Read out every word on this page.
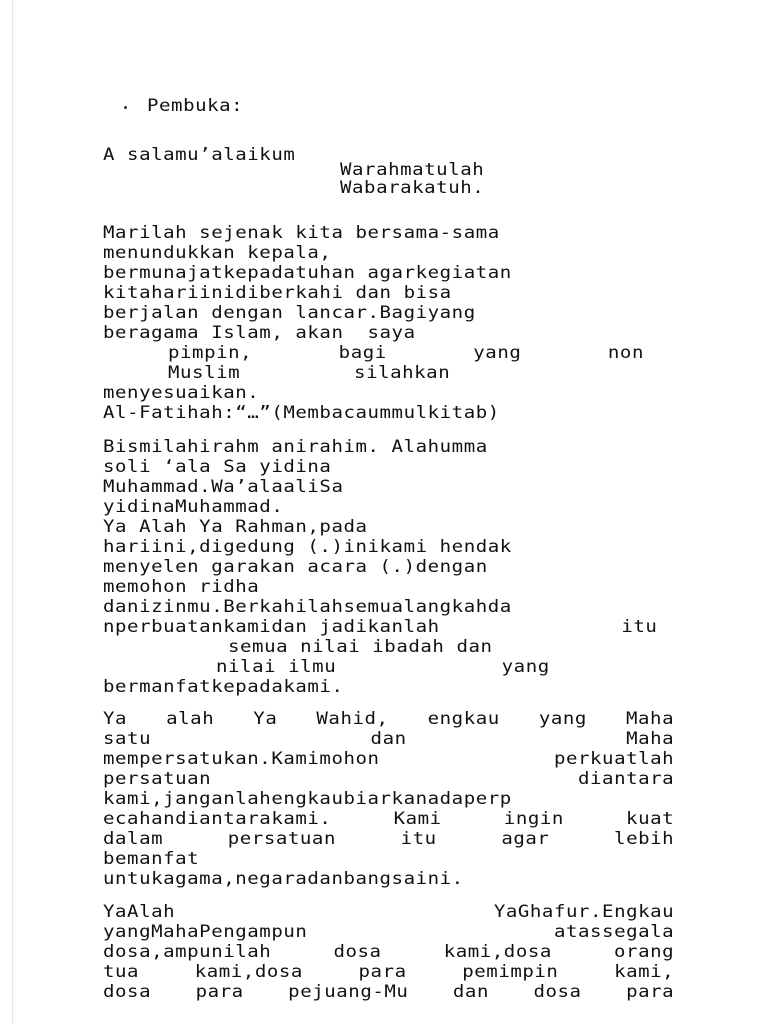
Pembuka:
A salamu’alaikum
Warahmatulah
Wabarakatuh.
Marilah sejenak kita bersama-sama
menundukkan kepala,
bermunajatkepadatuhan agarkegiatan
kitahariinidiberkahi dan bisa
berjalan dengan lancar.Bagiyang
beragama Islam, akan  saya
pimpin,	bagi	yang	non
Muslim	silahkan
menyesuaikan.
Al-Fatihah:“…”(Membacaummulkitab)
Bismilahirahm anirahim. Alahumma
soli ‘ala Sa yidina
Muhammad.Wa’alaaliSa
yidinaMuhammad.
Ya Alah Ya Rahman,pada
hariini,digedung (.)inikami hendak
menyelen garakan acara (.)dengan
memohon ridha
danizinmu.Berkahilahsemualangkahda
nperbuatankamidan jadikanlah	itu
semua nilai ibadah dan
nilai ilmu	yang
bermanfatkepadakami.
Ya alah Ya Wahid, engkau yang Maha
satu	dan	Maha
mempersatukan.Kamimohon	perkuatlah
persatuan	diantara
kami,janganlahengkaubiarkanadaperp
ecahandiantarakami.	Kami	ingin	kuat
dalam	persatuan	itu	agar	lebih
bemanfat
untukagama,negaradanbangsaini.
YaAlah	YaGhafur.Engkau
yangMahaPengampun	atassegala
dosa,ampunilah	dosa	kami,dosa	orang
tua	kami,dosa	para	pemimpin	kami,
dosa	para	pejuang-Mu	dan	dosa	para
